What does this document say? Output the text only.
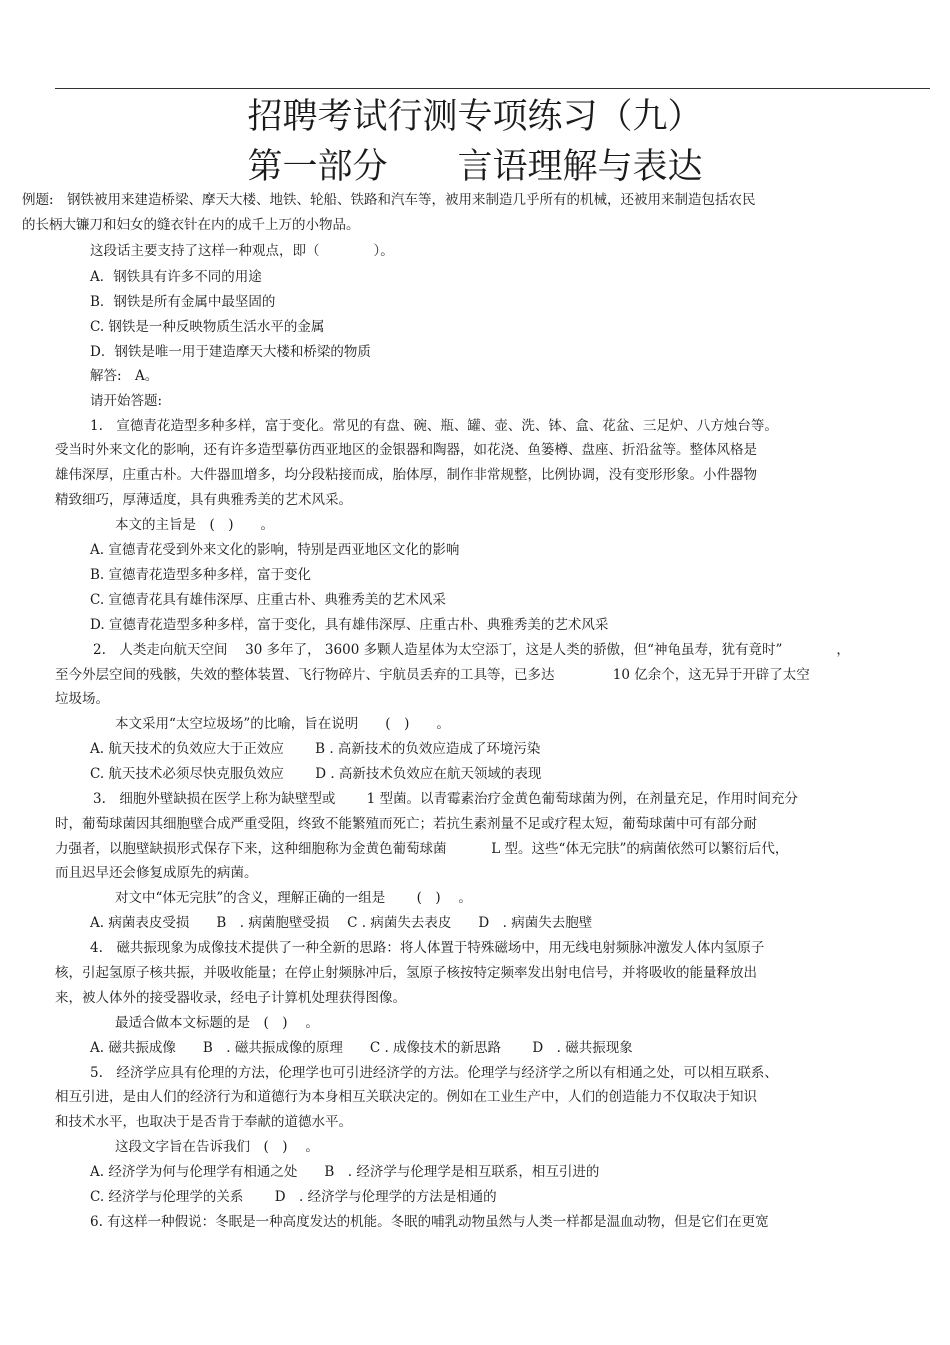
招聘考试行测专项练习（九）
第一部分　　言语理解与表达
例题:　钢铁被用来建造桥梁、摩天大楼、地铁、轮船、铁路和汽车等，被用来制造几乎所有的机械，还被用来制造包括农民
的长柄大镰刀和妇女的缝衣针在内的成千上万的小物品。
这段话主要支持了这样一种观点，即（　　　　）。
A．钢铁具有许多不同的用途
B．钢铁是所有金属中最坚固的
C. 钢铁是一种反映物质生活水平的金属
D．钢铁是唯一用于建造摩天大楼和桥梁的物质
解答:　A。
请开始答题:
1.　宣德青花造型多种多样，富于变化。常见的有盘、碗、瓶、罐、壶、洗、钵、盒、花盆、三足炉、八方烛台等。
受当时外来文化的影响，还有许多造型摹仿西亚地区的金银器和陶器，如花浇、鱼篓樽、盘座、折沿盆等。整体风格是
雄伟深厚，庄重古朴。大件器皿增多，均分段粘接而成，胎体厚，制作非常规整，比例协调，没有变形形象。小件器物
精致细巧，厚薄适度，具有典雅秀美的艺术风采。
本文的主旨是　(　)　　。
A. 宣德青花受到外来文化的影响，特别是西亚地区文化的影响
B. 宣德青花造型多种多样，富于变化
C. 宣德青花具有雄伟深厚、庄重古朴、典雅秀美的艺术风采
D. 宣德青花造型多种多样，富于变化，具有雄伟深厚、庄重古朴、典雅秀美的艺术风采
2.　人类走向航天空间　 30 多年了， 3600 多颗人造星体为太空添丁，这是人类的骄傲，但“神龟虽寿，犹有竟时”　　　　，
至今外层空间的残骸，失效的整体装置、飞行物碎片、宇航员丢弃的工具等，已多达　　　　 10 亿余个，这无异于开辟了太空
垃圾场。
本文采用“太空垃圾场”的比喻，旨在说明　　(　)　　。
A. 航天技术的负效应大于正效应　　 B . 高新技术的负效应造成了环境污染
C. 航天技术必须尽快克服负效应　　 D . 高新技术负效应在航天领域的表现
3.　细胞外壁缺损在医学上称为缺壁型或　　 1 型菌。以青霉素治疗金黄色葡萄球菌为例，在剂量充足，作用时间充分
时，葡萄球菌因其细胞壁合成严重受阻，终致不能繁殖而死亡；若抗生素剂量不足或疗程太短，葡萄球菌中可有部分耐
力强者，以胞壁缺损形式保存下来，这种细胞称为金黄色葡萄球菌　　　 L 型。这些“体无完肤”的病菌依然可以繁衍后代，
而且迟早还会修复成原先的病菌。
对文中“体无完肤”的含义，理解正确的一组是　　 (　)　 。
A. 病菌表皮受损　　B　. 病菌胞壁受损　 C . 病菌失去表皮　　D　. 病菌失去胞壁
4.　磁共振现象为成像技术提供了一种全新的思路：将人体置于特殊磁场中，用无线电射频脉冲激发人体内氢原子
核，引起氢原子核共振，并吸收能量；在停止射频脉冲后，氢原子核按特定频率发出射电信号，并将吸收的能量释放出
来，被人体外的接受器收录，经电子计算机处理获得图像。
最适合做本文标题的是　(　)　 。
A. 磁共振成像　　B　. 磁共振成像的原理　　C . 成像技术的新思路　　 D　. 磁共振现象
5.　经济学应具有伦理的方法，伦理学也可引进经济学的方法。伦理学与经济学之所以有相通之处，可以相互联系、
相互引进，是由人们的经济行为和道德行为本身相互关联决定的。例如在工业生产中，人们的创造能力不仅取决于知识
和技术水平，也取决于是否肯于奉献的道德水平。
这段文字旨在告诉我们　(　)　 。
A. 经济学为何与伦理学有相通之处　　B　. 经济学与伦理学是相互联系，相互引进的
C. 经济学与伦理学的关系　　 D　. 经济学与伦理学的方法是相通的
6. 有这样一种假说：冬眠是一种高度发达的机能。冬眠的哺乳动物虽然与人类一样都是温血动物，但是它们在更宽
